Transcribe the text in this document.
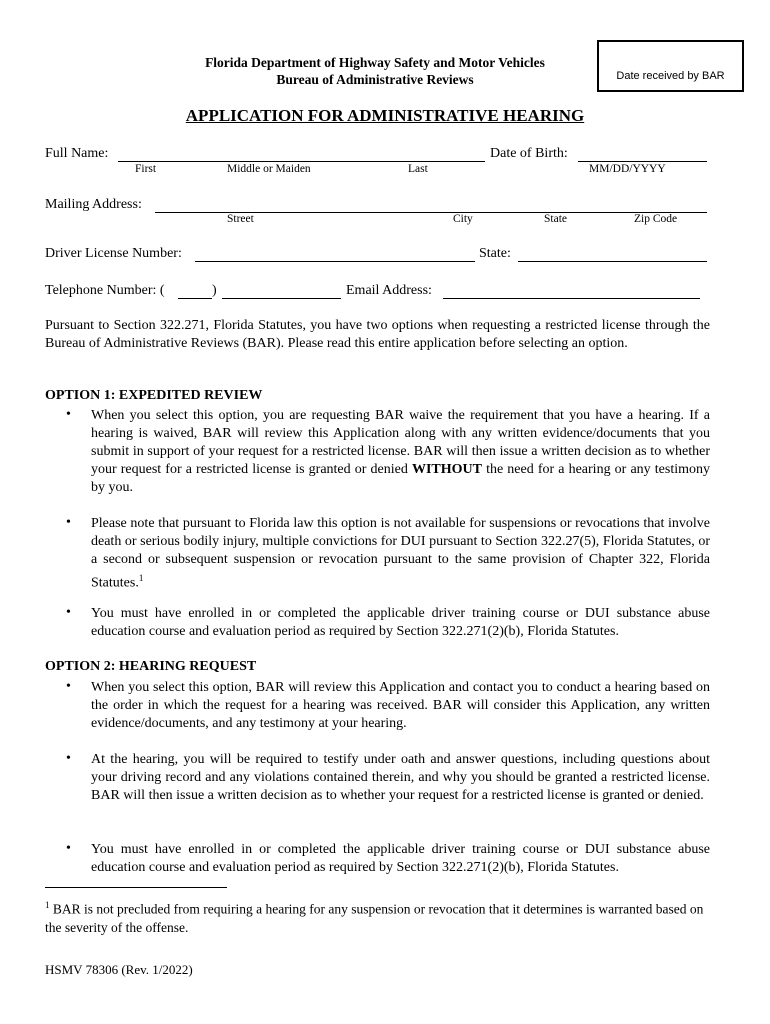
Florida Department of Highway Safety and Motor Vehicles
Bureau of Administrative Reviews	Date received by BAR
APPLICATION FOR ADMINISTRATIVE HEARING
Full Name:	Date of Birth:
First	Middle or Maiden	Last	MM/DD/YYYY
Mailing Address:
Street	City	State	Zip Code
Driver License Number:	State:
Telephone Number: (	)	Email Address:
Pursuant to Section 322.271, Florida Statutes, you have two options when requesting a restricted license through the Bureau of Administrative Reviews (BAR). Please read this entire application before selecting an option.
OPTION 1: EXPEDITED REVIEW
• When you select this option, you are requesting BAR waive the requirement that you have a hearing. If a hearing is waived, BAR will review this Application along with any written evidence/documents that you submit in support of your request for a restricted license. BAR will then issue a written decision as to whether your request for a restricted license is granted or denied WITHOUT the need for a hearing or any testimony by you.
• Please note that pursuant to Florida law this option is not available for suspensions or revocations that involve death or serious bodily injury, multiple convictions for DUI pursuant to Section 322.27(5), Florida Statutes, or a second or subsequent suspension or revocation pursuant to the same provision of Chapter 322, Florida Statutes.$^1$
• You must have enrolled in or completed the applicable driver training course or DUI substance abuse education course and evaluation period as required by Section 322.271(2)(b), Florida Statutes.
OPTION 2: HEARING REQUEST
• When you select this option, BAR will review this Application and contact you to conduct a hearing based on the order in which the request for a hearing was received. BAR will consider this Application, any written evidence/documents, and any testimony at your hearing.
• At the hearing, you will be required to testify under oath and answer questions, including questions about your driving record and any violations contained therein, and why you should be granted a restricted license. BAR will then issue a written decision as to whether your request for a restricted license is granted or denied.
• You must have enrolled in or completed the applicable driver training course or DUI substance abuse education course and evaluation period as required by Section 322.271(2)(b), Florida Statutes.
$^1$ BAR is not precluded from requiring a hearing for any suspension or revocation that it determines is warranted based on the severity of the offense.
HSMV 78306 (Rev. 1/2022)
